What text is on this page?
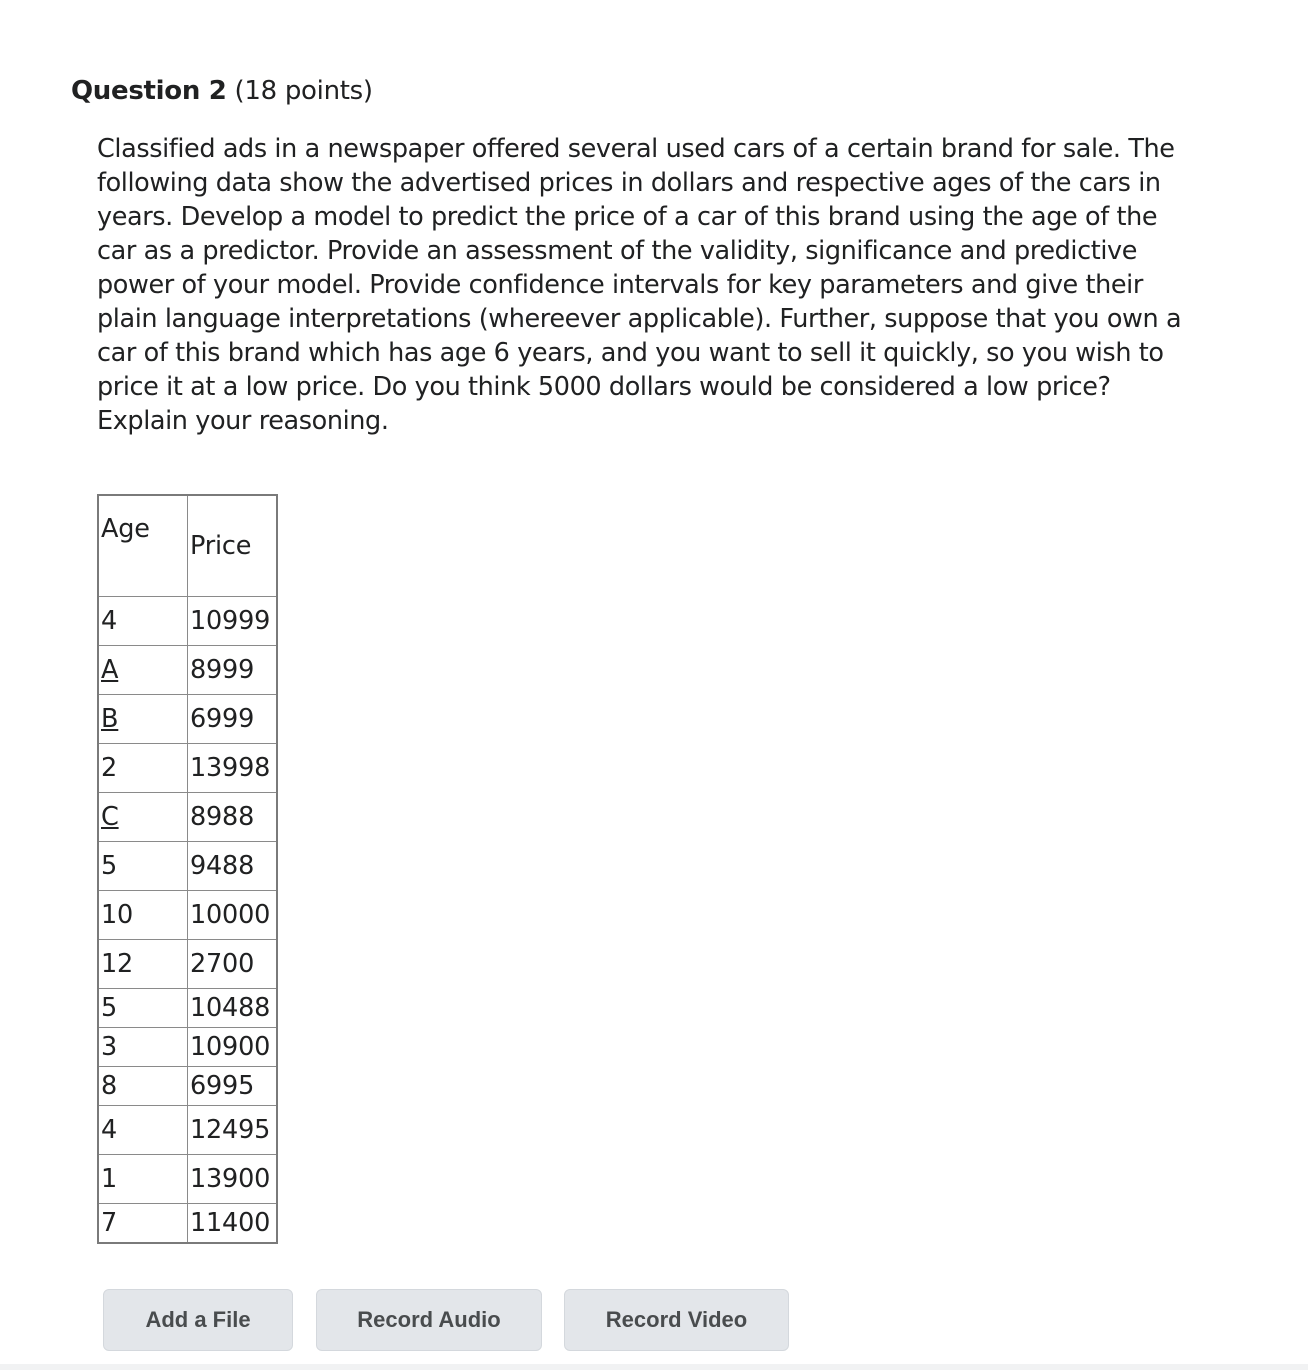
Question 2 (18 points)

Classified ads in a newspaper offered several used cars of a certain brand for sale. The following data show the advertised prices in dollars and respective ages of the cars in years. Develop a model to predict the price of a car of this brand using the age of the car as a predictor. Provide an assessment of the validity, significance and predictive power of your model. Provide confidence intervals for key parameters and give their plain language interpretations (whereever applicable). Further, suppose that you own a car of this brand which has age 6 years, and you want to sell it quickly, so you wish to price it at a low price. Do you think 5000 dollars would be considered a low price? Explain your reasoning.

Age	Price
4	10999
A	8999
B	6999
2	13998
C	8988
5	9488
10	10000
12	2700
5	10488
3	10900
8	6995
4	12495
1	13900
7	11400
Add a File	Record Audio	Record Video
